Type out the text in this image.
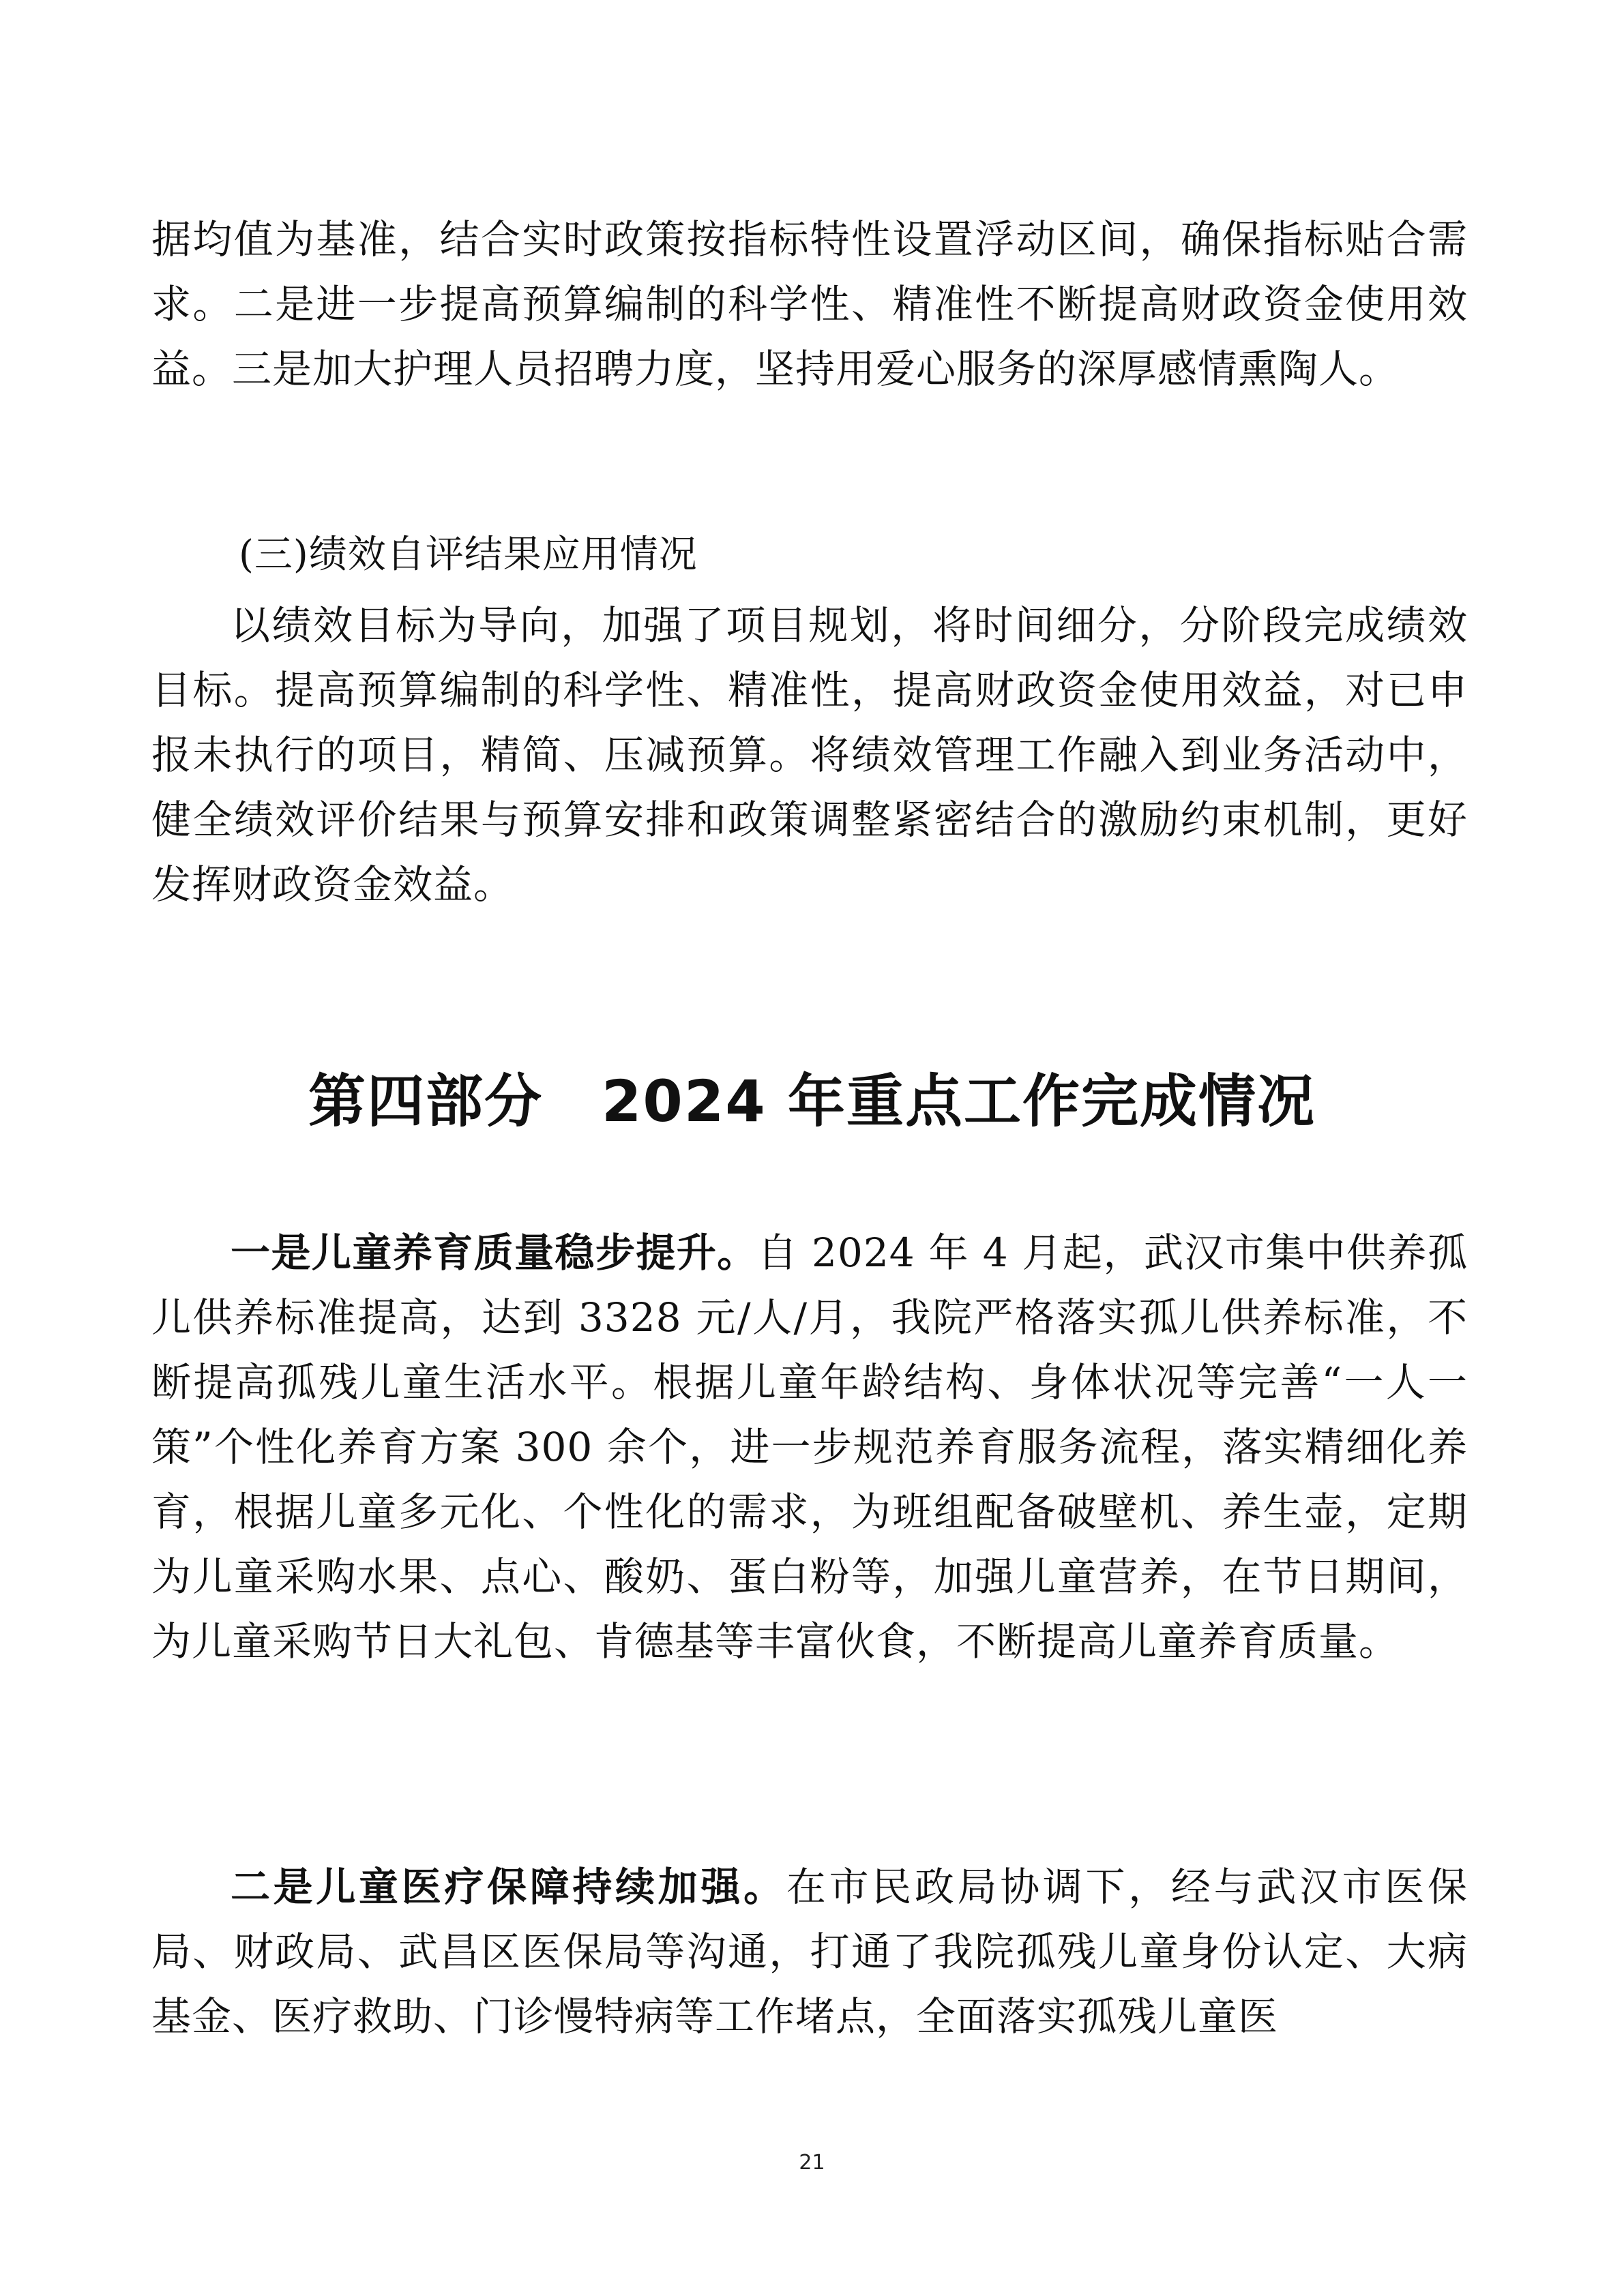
据均值为基准，结合实时政策按指标特性设置浮动区间，确保指标贴合需求。二是进一步提高预算编制的科学性、精准性不断提高财政资金使用效益。三是加大护理人员招聘力度，坚持用爱心服务的深厚感情熏陶人。

(三)绩效自评结果应用情况

以绩效目标为导向，加强了项目规划，将时间细分，分阶段完成绩效目标。提高预算编制的科学性、精准性，提高财政资金使用效益，对已申报未执行的项目，精简、压减预算。将绩效管理工作融入到业务活动中，健全绩效评价结果与预算安排和政策调整紧密结合的激励约束机制，更好发挥财政资金效益。

第四部分　2024 年重点工作完成情况

一是儿童养育质量稳步提升。自 2024 年 4 月起，武汉市集中供养孤儿供养标准提高，达到 3328 元/人/月，我院严格落实孤儿供养标准，不断提高孤残儿童生活水平。根据儿童年龄结构、身体状况等完善“一人一策”个性化养育方案 300 余个，进一步规范养育服务流程，落实精细化养育，根据儿童多元化、个性化的需求，为班组配备破壁机、养生壶，定期为儿童采购水果、点心、酸奶、蛋白粉等，加强儿童营养，在节日期间，为儿童采购节日大礼包、肯德基等丰富伙食，不断提高儿童养育质量。

二是儿童医疗保障持续加强。在市民政局协调下，经与武汉市医保局、财政局、武昌区医保局等沟通，打通了我院孤残儿童身份认定、大病基金、医疗救助、门诊慢特病等工作堵点，全面落实孤残儿童医

21
